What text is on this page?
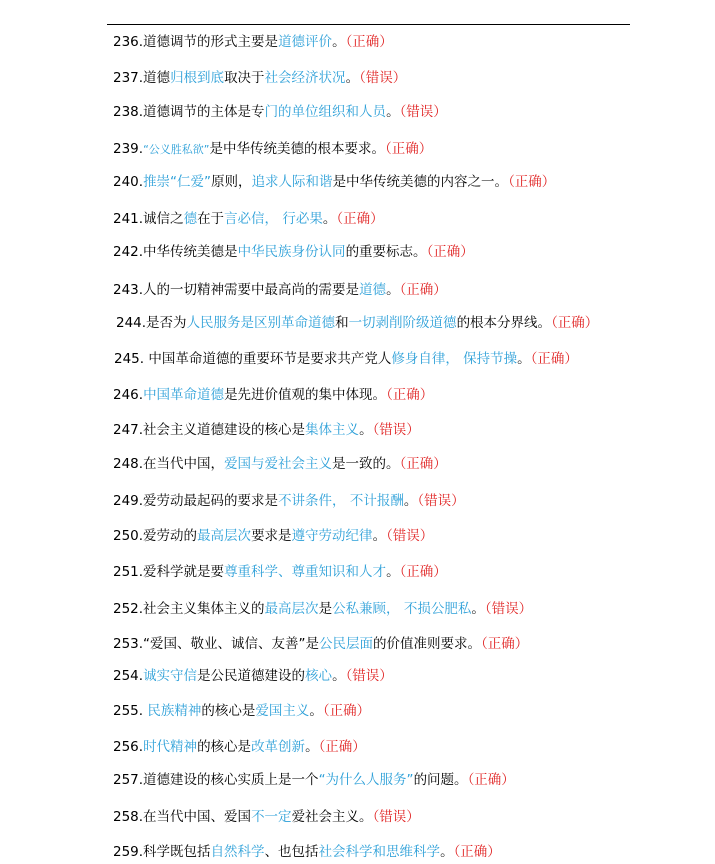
236.道德调节的形式主要是道德评价。（正确）
237.道德归根到底取决于社会经济状况。（错误）
238.道德调节的主体是专门的单位组织和人员。（错误）
239.“公义胜私欲”是中华传统美德的根本要求。（正确）
240.推崇“仁爱”原则，追求人际和谐是中华传统美德的内容之一。（正确）
241.诚信之德在于言必信， 行必果。（正确）
242.中华传统美德是中华民族身份认同的重要标志。（正确）
243.人的一切精神需要中最高尚的需要是道德。（正确）
244.是否为人民服务是区别革命道德和一切剥削阶级道德的根本分界线。（正确）
245. 中国革命道德的重要环节是要求共产党人修身自律， 保持节操。（正确）
246.中国革命道德是先进价值观的集中体现。（正确）
247.社会主义道德建设的核心是集体主义。（错误）
248.在当代中国，爱国与爱社会主义是一致的。（正确）
249.爱劳动最起码的要求是不讲条件， 不计报酬。（错误）
250.爱劳动的最高层次要求是遵守劳动纪律。（错误）
251.爱科学就是要尊重科学、尊重知识和人才。（正确）
252.社会主义集体主义的最高层次是公私兼顾， 不损公肥私。（错误）
253.“爱国、敬业、诚信、友善”是公民层面的价值准则要求。（正确）
254.诚实守信是公民道德建设的核心。（错误）
255. 民族精神的核心是爱国主义。（正确）
256.时代精神的核心是改革创新。（正确）
257.道德建设的核心实质上是一个“为什么人服务”的问题。（正确）
258.在当代中国、爱国不一定爱社会主义。（错误）
259.科学既包括自然科学、也包括社会科学和思维科学。（正确）
